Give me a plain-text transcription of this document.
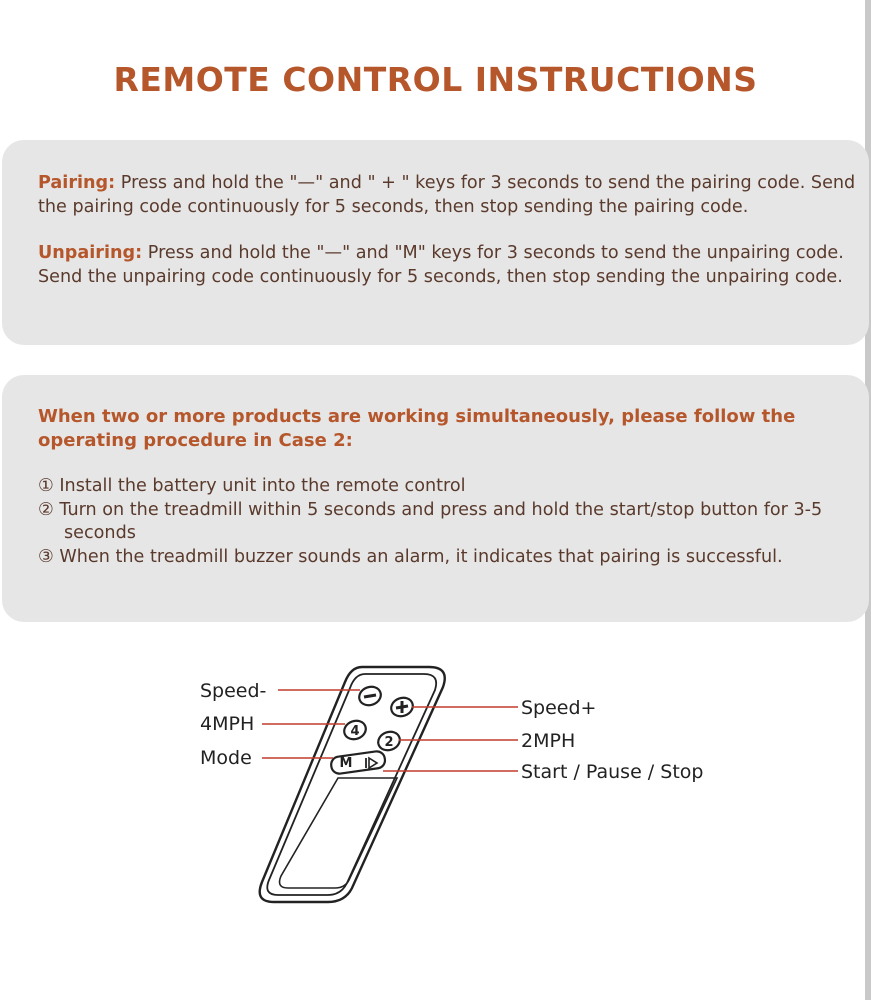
REMOTE CONTROL INSTRUCTIONS
Pairing: Press and hold the "—" and " + " keys for 3 seconds to send the pairing code. Send the pairing code continuously for 5 seconds, then stop sending the pairing code.
Unpairing: Press and hold the "—" and "M" keys for 3 seconds to send the unpairing code. Send the unpairing code continuously for 5 seconds, then stop sending the unpairing code.
When two or more products are working simultaneously, please follow the operating procedure in Case 2:
① Install the battery unit into the remote control
② Turn on the treadmill within 5 seconds and press and hold the start/stop button for 3-5 seconds
③ When the treadmill buzzer sounds an alarm, it indicates that pairing is successful.
4
2
M
Speed-
4MPH
Mode
Speed+
2MPH
Start / Pause / Stop
